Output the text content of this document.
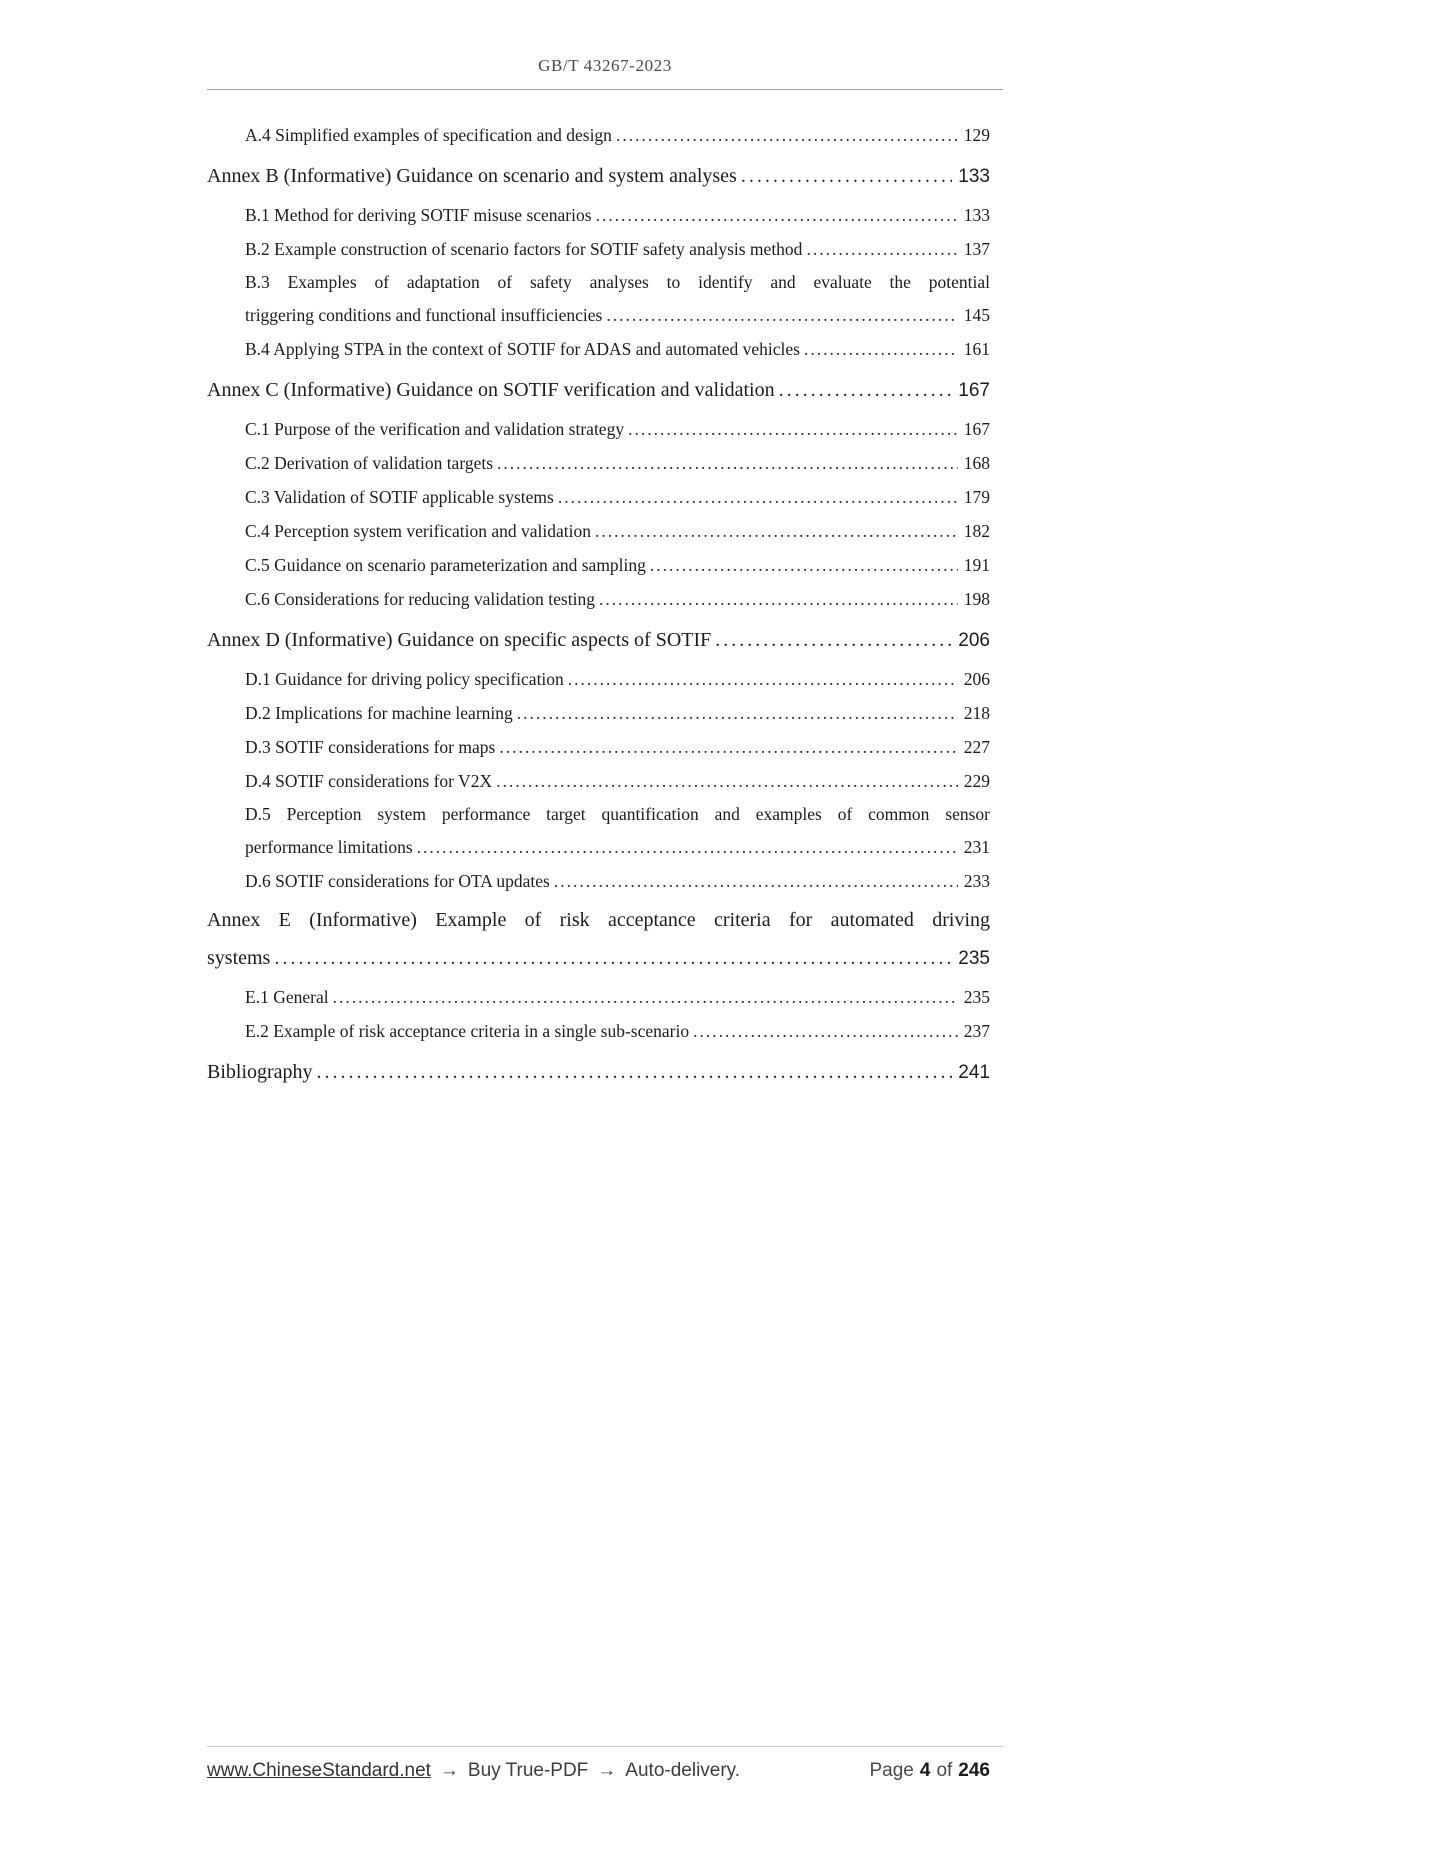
GB/T 43267-2023
A.4 Simplified examples of specification and design .....	129
Annex B (Informative) Guidance on scenario and system analyses .....	133
B.1 Method for deriving SOTIF misuse scenarios .....	133
B.2 Example construction of scenario factors for SOTIF safety analysis method .....	137
B.3 Examples of adaptation of safety analyses to identify and evaluate the potential
triggering conditions and functional insufficiencies .....	145
B.4 Applying STPA in the context of SOTIF for ADAS and automated vehicles .....	161
Annex C (Informative) Guidance on SOTIF verification and validation .....	167
C.1 Purpose of the verification and validation strategy .....	167
C.2 Derivation of validation targets .....	168
C.3 Validation of SOTIF applicable systems .....	179
C.4 Perception system verification and validation .....	182
C.5 Guidance on scenario parameterization and sampling .....	191
C.6 Considerations for reducing validation testing .....	198
Annex D (Informative) Guidance on specific aspects of SOTIF .....	206
D.1 Guidance for driving policy specification .....	206
D.2 Implications for machine learning .....	218
D.3 SOTIF considerations for maps .....	227
D.4 SOTIF considerations for V2X .....	229
D.5 Perception system performance target quantification and examples of common sensor
performance limitations .....	231
D.6 SOTIF considerations for OTA updates .....	233
Annex E (Informative) Example of risk acceptance criteria for automated driving
systems .....	235
E.1 General .....	235
E.2 Example of risk acceptance criteria in a single sub-scenario .....	237
Bibliography .....	241
www.ChineseStandard.net → Buy True-PDF → Auto-delivery.	Page 4 of 246
